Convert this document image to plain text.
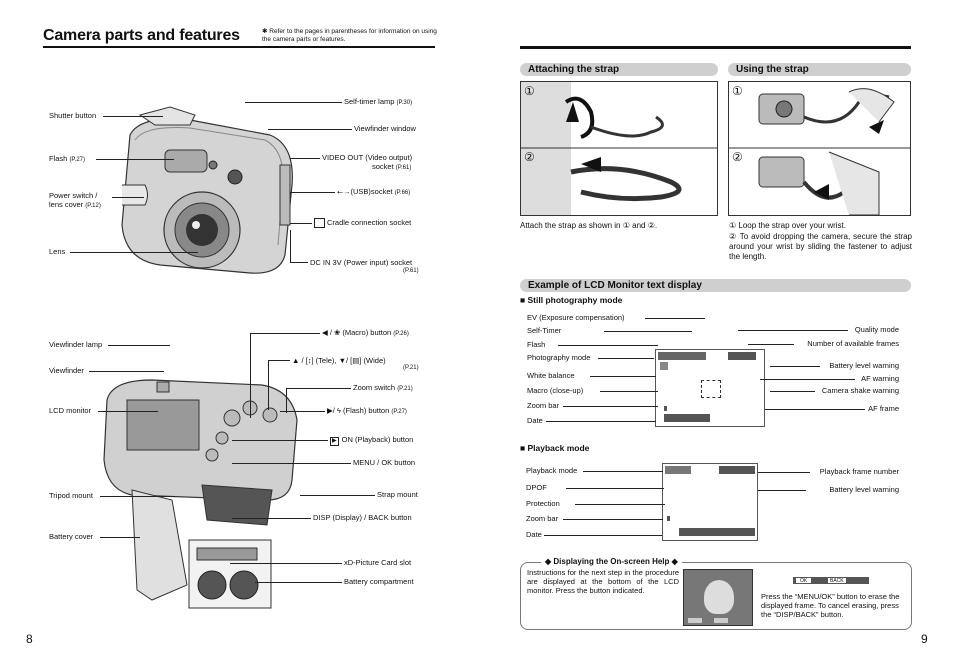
Camera parts and features	✱ Refer to the pages in parentheses for information on using the camera parts or features.
Shutter button
Flash (P.27)
Power switch /
lens cover (P.12)
Lens
Self-timer lamp (P.30)
Viewfinder window
VIDEO OUT (Video output)
socket (P.61)
⭠→(USB)socket (P.66)
Cradle connection socket
DC IN 3V (Power input) socket
(P.61)
Viewfinder lamp
Viewfinder
LCD monitor
Tripod mount
Battery cover
◀ / ❀ (Macro) button (P.26)
▲ / [↕] (Tele), ▼/ [▤] (Wide)
(P.21)
Zoom switch (P.21)
▶/ ϟ (Flash) button (P.27)
▶ ON (Playback) button
MENU / OK button
Strap mount
DISP (Display) / BACK button
xD-Picture Card slot
Battery compartment
8
Attaching the strap	Using the strap
①
②
Attach the strap as shown in ① and ②.
①
②
① Loop the strap over your wrist.
② To avoid dropping the camera, secure the strap around your wrist by sliding the fastener to adjust the length.
Example of LCD Monitor text display
■ Still photography mode
EV (Exposure compensation)
Self-Timer
Flash
Photography mode
White balance
Macro (close-up)
Zoom bar
Date
Quality mode
Number of available frames
Battery level warning
AF warning
Camera shake warning
AF frame
■ Playback mode
Playback mode
DPOF
Protection
Zoom bar
Date
Playback frame number
Battery level warning
◆ Displaying the On-screen Help ◆
Instructions for the next step in the procedure are displayed at the bottom of the LCD monitor. Press the button indicated.
OK	BACK
Press the “MENU/OK” button to erase the displayed frame. To cancel erasing, press the “DISP/BACK” button.
9
